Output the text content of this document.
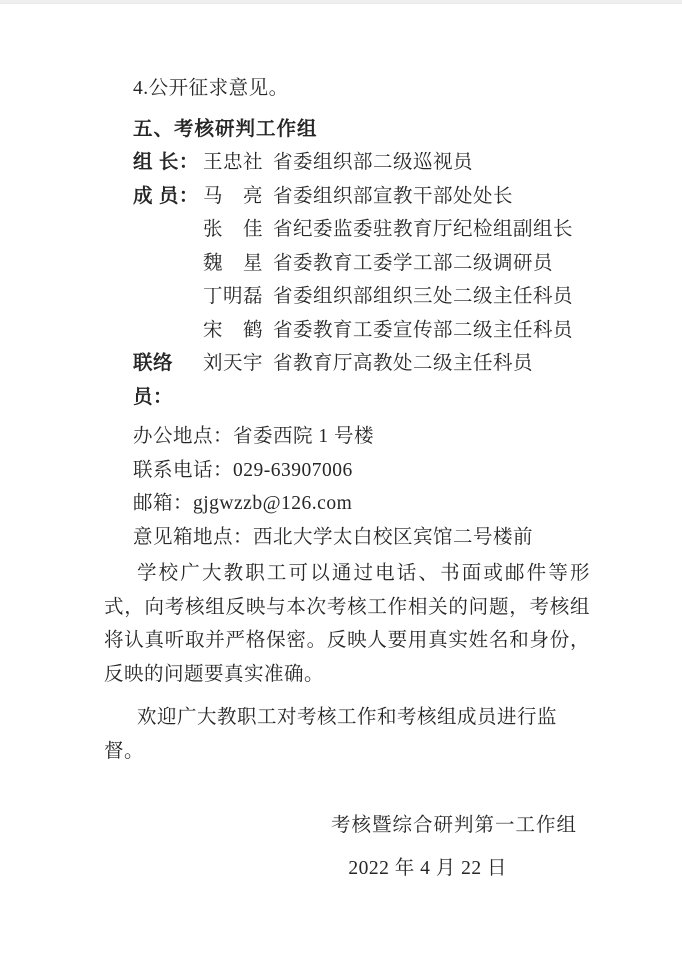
4.公开征求意见。

五、考核研判工作组

组 长： 王忠社 省委组织部二级巡视员
成 员： 马　亮 省委组织部宣教干部处处长
张　佳 省纪委监委驻教育厅纪检组副组长
魏　星 省委教育工委学工部二级调研员
丁明磊 省委组织部组织三处二级主任科员
宋　鹤 省委教育工委宣传部二级主任科员
联络员：
刘天宇 省教育厅高教处二级主任科员

办公地点：省委西院 1 号楼

联系电话：029-63907006

邮箱：gjgwzzb@126.com

意见箱地点：西北大学太白校区宾馆二号楼前

学校广大教职工可以通过电话、书面或邮件等形式，向考核组反映与本次考核工作相关的问题，考核组将认真听取并严格保密。反映人要用真实姓名和身份，反映的问题要真实准确。

欢迎广大教职工对考核工作和考核组成员进行监督。

考核暨综合研判第一工作组

2022 年 4 月 22 日
